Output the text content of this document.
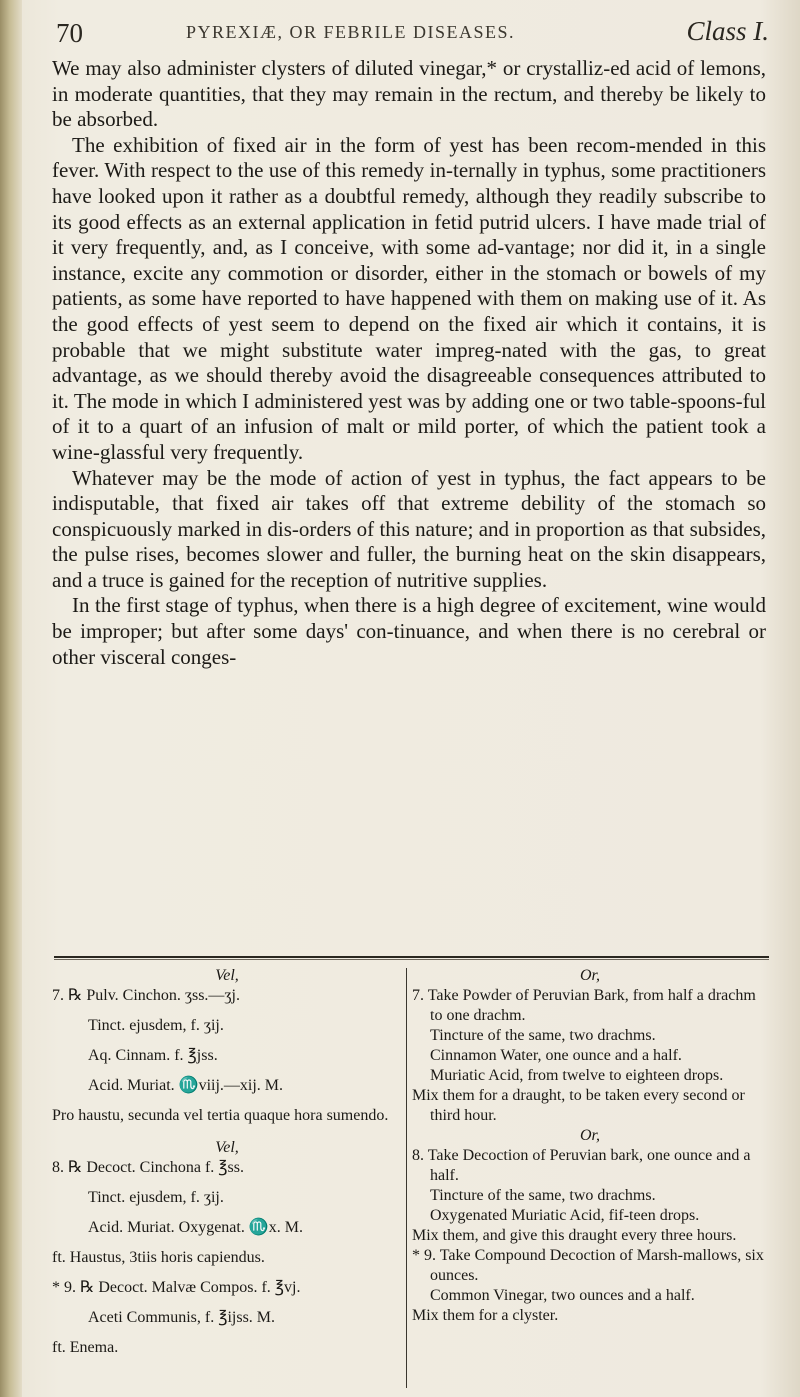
70	PYREXIÆ, OR FEBRILE DISEASES.	Class I.

We may also administer clysters of diluted vinegar,* or crystalliz-ed acid of lemons, in moderate quantities, that they may remain in the rectum, and thereby be likely to be absorbed.

The exhibition of fixed air in the form of yest has been recom-mended in this fever. With respect to the use of this remedy in-ternally in typhus, some practitioners have looked upon it rather as a doubtful remedy, although they readily subscribe to its good effects as an external application in fetid putrid ulcers. I have made trial of it very frequently, and, as I conceive, with some ad-vantage; nor did it, in a single instance, excite any commotion or disorder, either in the stomach or bowels of my patients, as some have reported to have happened with them on making use of it. As the good effects of yest seem to depend on the fixed air which it contains, it is probable that we might substitute water impreg-nated with the gas, to great advantage, as we should thereby avoid the disagreeable consequences attributed to it. The mode in which I administered yest was by adding one or two table-spoons-ful of it to a quart of an infusion of malt or mild porter, of which the patient took a wine-glassful very frequently.

Whatever may be the mode of action of yest in typhus, the fact appears to be indisputable, that fixed air takes off that extreme debility of the stomach so conspicuously marked in dis-orders of this nature; and in proportion as that subsides, the pulse rises, becomes slower and fuller, the burning heat on the skin disappears, and a truce is gained for the reception of nutritive supplies.

In the first stage of typhus, when there is a high degree of excitement, wine would be improper; but after some days' con-tinuance, and when there is no cerebral or other visceral conges-

Vel,

7. ℞ Pulv. Cinchon. ʒss.—ʒj.

Tinct. ejusdem, f. ʒij.

Aq. Cinnam. f. ℥jss.

Acid. Muriat. ♏viij.—xij. M.

Pro haustu, secunda vel tertia quaque hora sumendo.

Vel,

8. ℞ Decoct. Cinchona f. ℥ss.

Tinct. ejusdem, f. ʒij.

Acid. Muriat. Oxygenat. ♏x. M.

ft. Haustus, 3tiis horis capiendus.

* 9. ℞ Decoct. Malvæ Compos. f. ℥vj.

Aceti Communis, f. ℥ijss. M.

ft. Enema.

Or,

7. Take Powder of Peruvian Bark, from half a drachm to one drachm.

Tincture of the same, two drachms.

Cinnamon Water, one ounce and a half.

Muriatic Acid, from twelve to eighteen drops.

Mix them for a draught, to be taken every second or third hour.

Or,

8. Take Decoction of Peruvian bark, one ounce and a half.

Tincture of the same, two drachms.

Oxygenated Muriatic Acid, fif-teen drops.

Mix them, and give this draught every three hours.

* 9. Take Compound Decoction of Marsh-mallows, six ounces.

Common Vinegar, two ounces and a half.

Mix them for a clyster.
